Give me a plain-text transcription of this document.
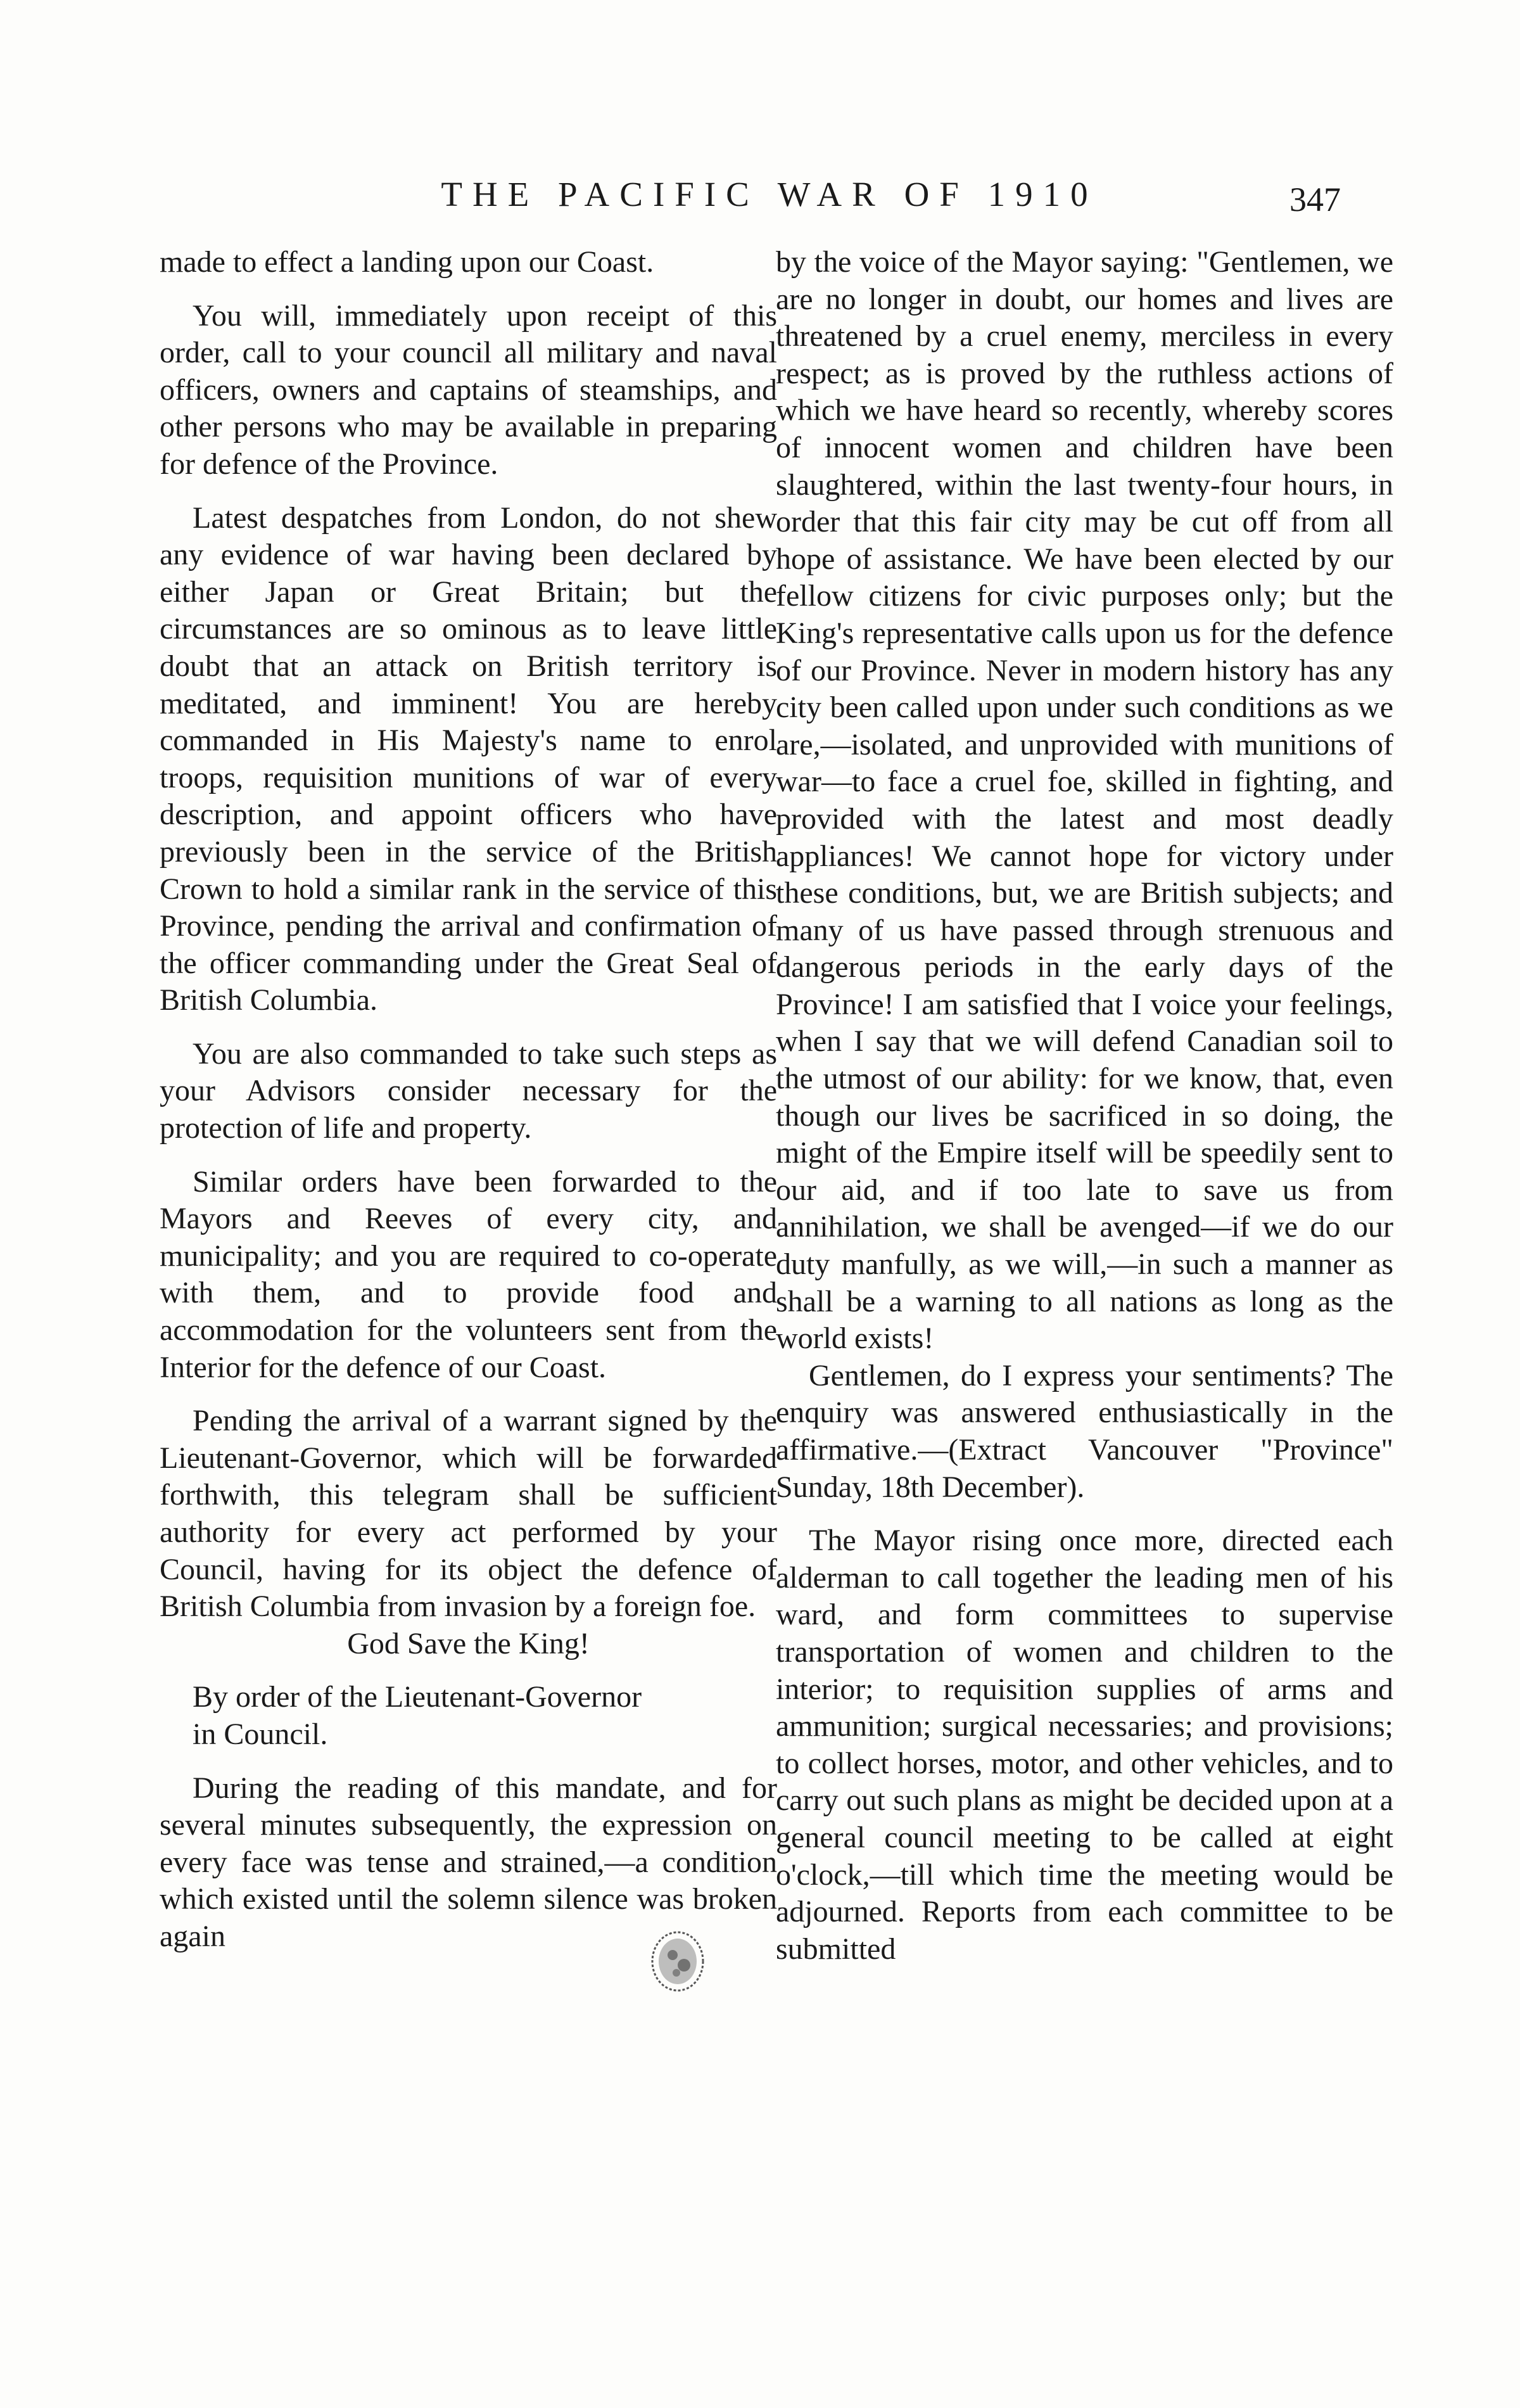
THE PACIFIC WAR OF 1910	347

made to effect a landing upon our Coast.

You will, immediately upon receipt of this order, call to your council all military and naval officers, owners and captains of steamships, and other persons who may be available in preparing for defence of the Province.

Latest despatches from London, do not shew any evidence of war having been declared by either Japan or Great Britain; but the circumstances are so ominous as to leave little doubt that an attack on British territory is meditated, and imminent! You are hereby commanded in His Majesty's name to enrol troops, requisition munitions of war of every description, and appoint officers who have previously been in the service of the British Crown to hold a similar rank in the service of this Province, pending the arrival and confirmation of the officer commanding under the Great Seal of British Columbia.

You are also commanded to take such steps as your Advisors consider necessary for the protection of life and property.

Similar orders have been forwarded to the Mayors and Reeves of every city, and municipality; and you are required to co-operate with them, and to provide food and accommodation for the volunteers sent from the Interior for the defence of our Coast.

Pending the arrival of a warrant signed by the Lieutenant-Governor, which will be forwarded forthwith, this telegram shall be sufficient authority for every act performed by your Council, having for its object the defence of British Columbia from invasion by a foreign foe.

God Save the King!

By order of the Lieutenant-Governor

in Council.

During the reading of this mandate, and for several minutes subsequently, the expression on every face was tense and strained,—a condition which existed until the solemn silence was broken again

by the voice of the Mayor saying: "Gentlemen, we are no longer in doubt, our homes and lives are threatened by a cruel enemy, merciless in every respect; as is proved by the ruthless actions of which we have heard so recently, whereby scores of innocent women and children have been slaughtered, within the last twenty-four hours, in order that this fair city may be cut off from all hope of assistance. We have been elected by our fellow citizens for civic purposes only; but the King's representative calls upon us for the defence of our Province. Never in modern history has any city been called upon under such conditions as we are,—isolated, and unprovided with munitions of war—to face a cruel foe, skilled in fighting, and provided with the latest and most deadly appliances! We cannot hope for victory under these conditions, but, we are British subjects; and many of us have passed through strenuous and dangerous periods in the early days of the Province! I am satisfied that I voice your feelings, when I say that we will defend Canadian soil to the utmost of our ability: for we know, that, even though our lives be sacrificed in so doing, the might of the Empire itself will be speedily sent to our aid, and if too late to save us from annihilation, we shall be avenged—if we do our duty manfully, as we will,—in such a manner as shall be a warning to all nations as long as the world exists!

Gentlemen, do I express your sentiments? The enquiry was answered enthusiastically in the affirmative.—(Extract Vancouver "Province" Sunday, 18th December).

The Mayor rising once more, directed each alderman to call together the leading men of his ward, and form committees to supervise transportation of women and children to the interior; to requisition supplies of arms and ammunition; surgical necessaries; and provisions; to collect horses, motor, and other vehicles, and to carry out such plans as might be decided upon at a general council meeting to be called at eight o'clock,—till which time the meeting would be adjourned. Reports from each committee to be submitted
